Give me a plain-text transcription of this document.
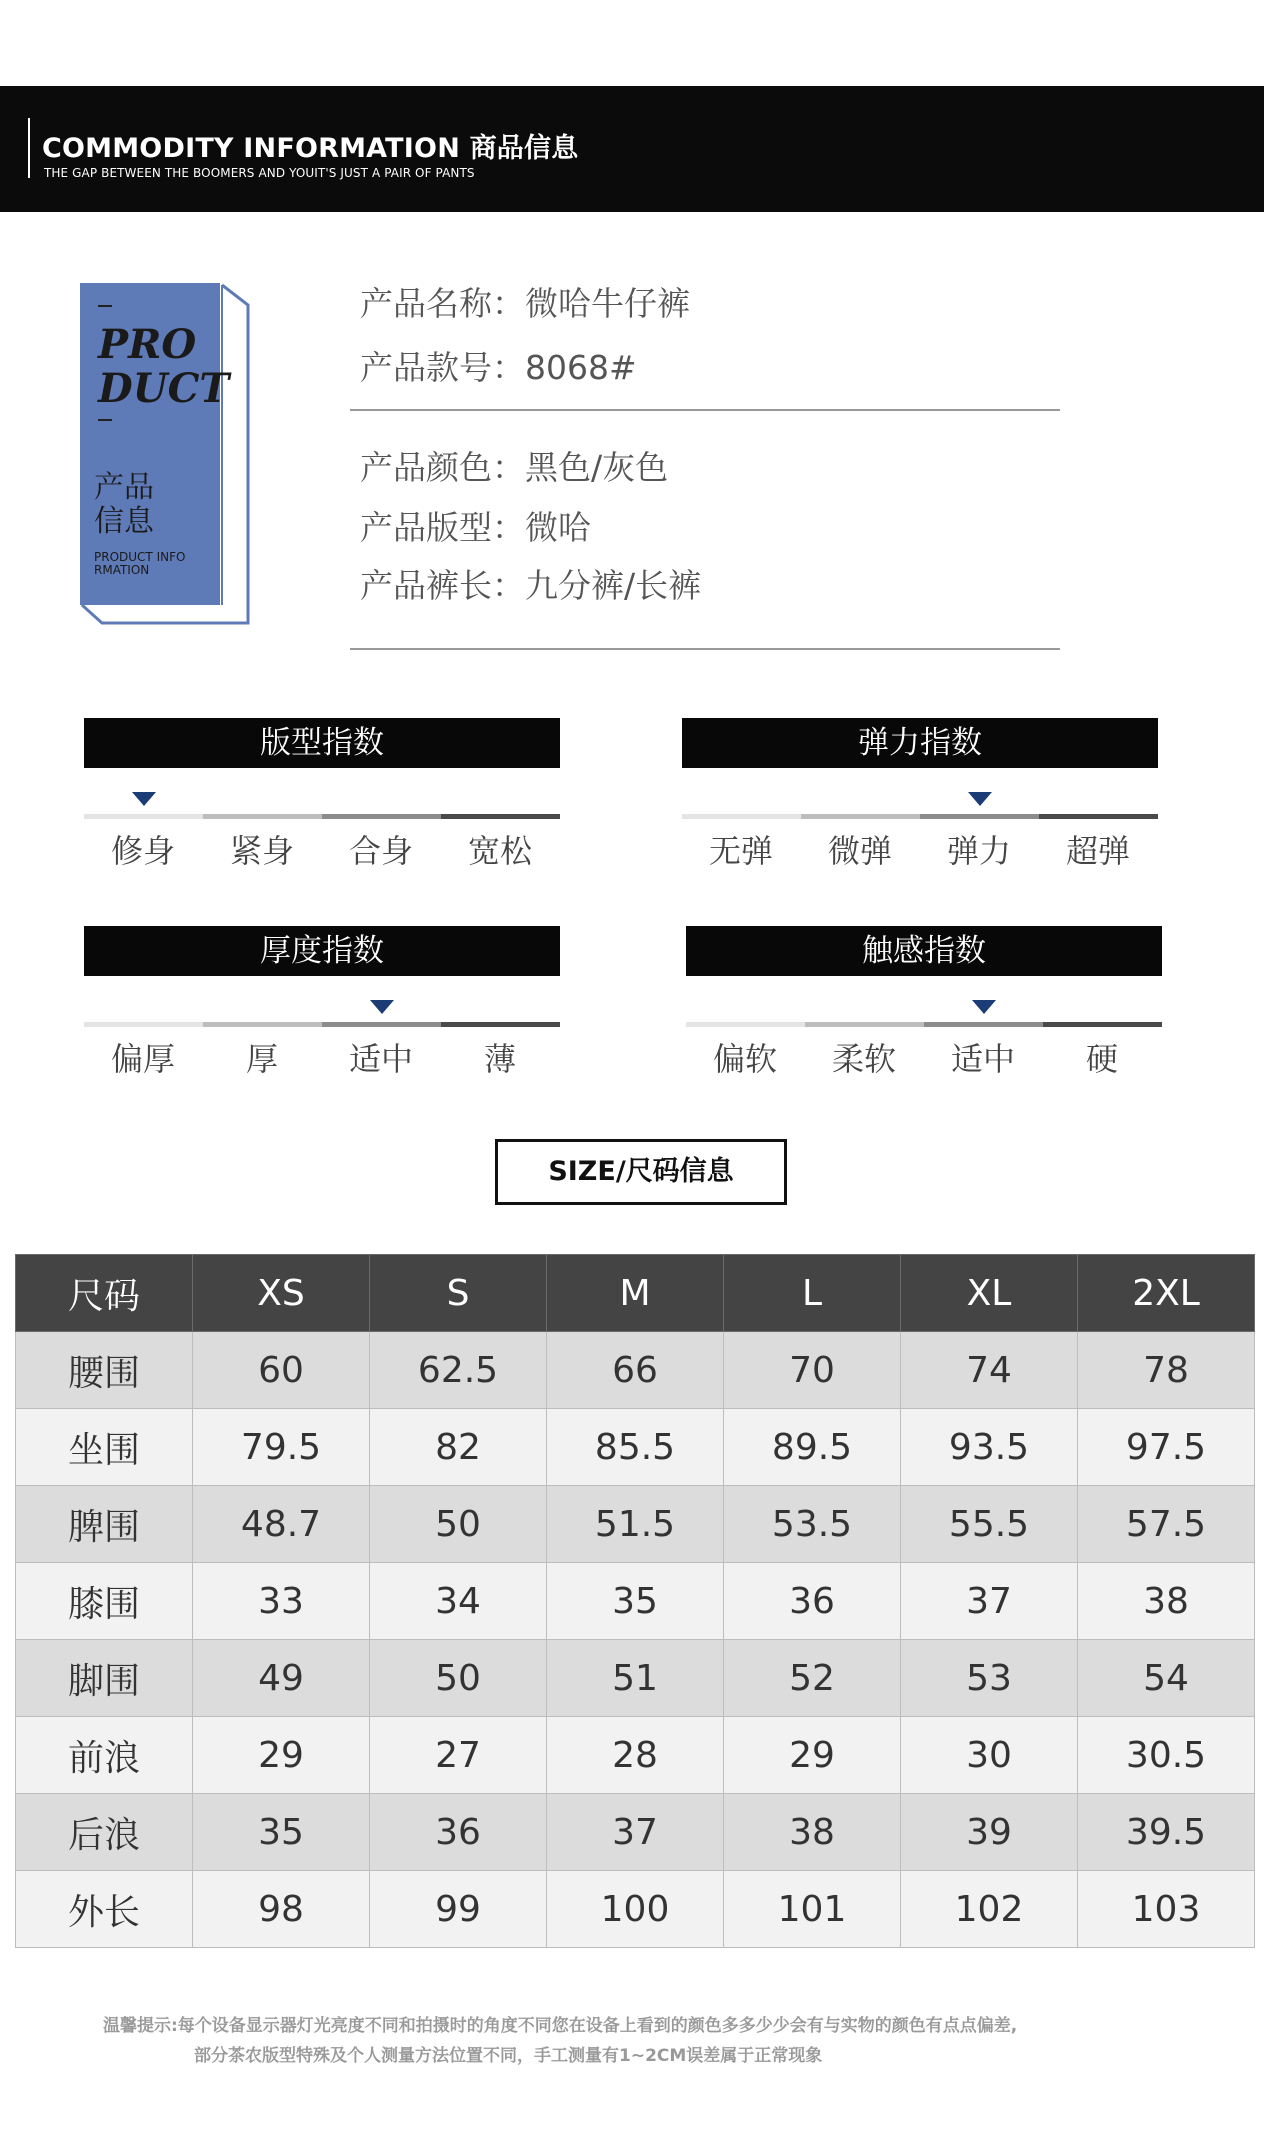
COMMODITY INFORMATION 商品信息
THE GAP BETWEEN THE BOOMERS AND YOUIT'S JUST A PAIR OF PANTS
PRO DUCT
产品
信息
PRODUCT INFO RMATION
产品名称：微哈牛仔裤
产品款号：8068#
产品颜色：黑色/灰色
产品版型：微哈
产品裤长：九分裤/长裤
版型指数
修身	紧身	合身	宽松
弹力指数
无弹	微弹	弹力	超弹
厚度指数
偏厚	厚	适中	薄
触感指数
偏软	柔软	适中	硬
SIZE/尺码信息
尺码	XS	S	M	L	XL	2XL
腰围	60	62.5	66	70	74	78
坐围	79.5	82	85.5	89.5	93.5	97.5
脾围	48.7	50	51.5	53.5	55.5	57.5
膝围	33	34	35	36	37	38
脚围	49	50	51	52	53	54
前浪	29	27	28	29	30	30.5
后浪	35	36	37	38	39	39.5
外长	98	99	100	101	102	103
温馨提示:每个设备显示器灯光亮度不同和拍摄时的角度不同您在设备上看到的颜色多多少少会有与实物的颜色有点点偏差,
部分茶农版型特殊及个人测量方法位置不同，手工测量有1~2CM误差属于正常现象
